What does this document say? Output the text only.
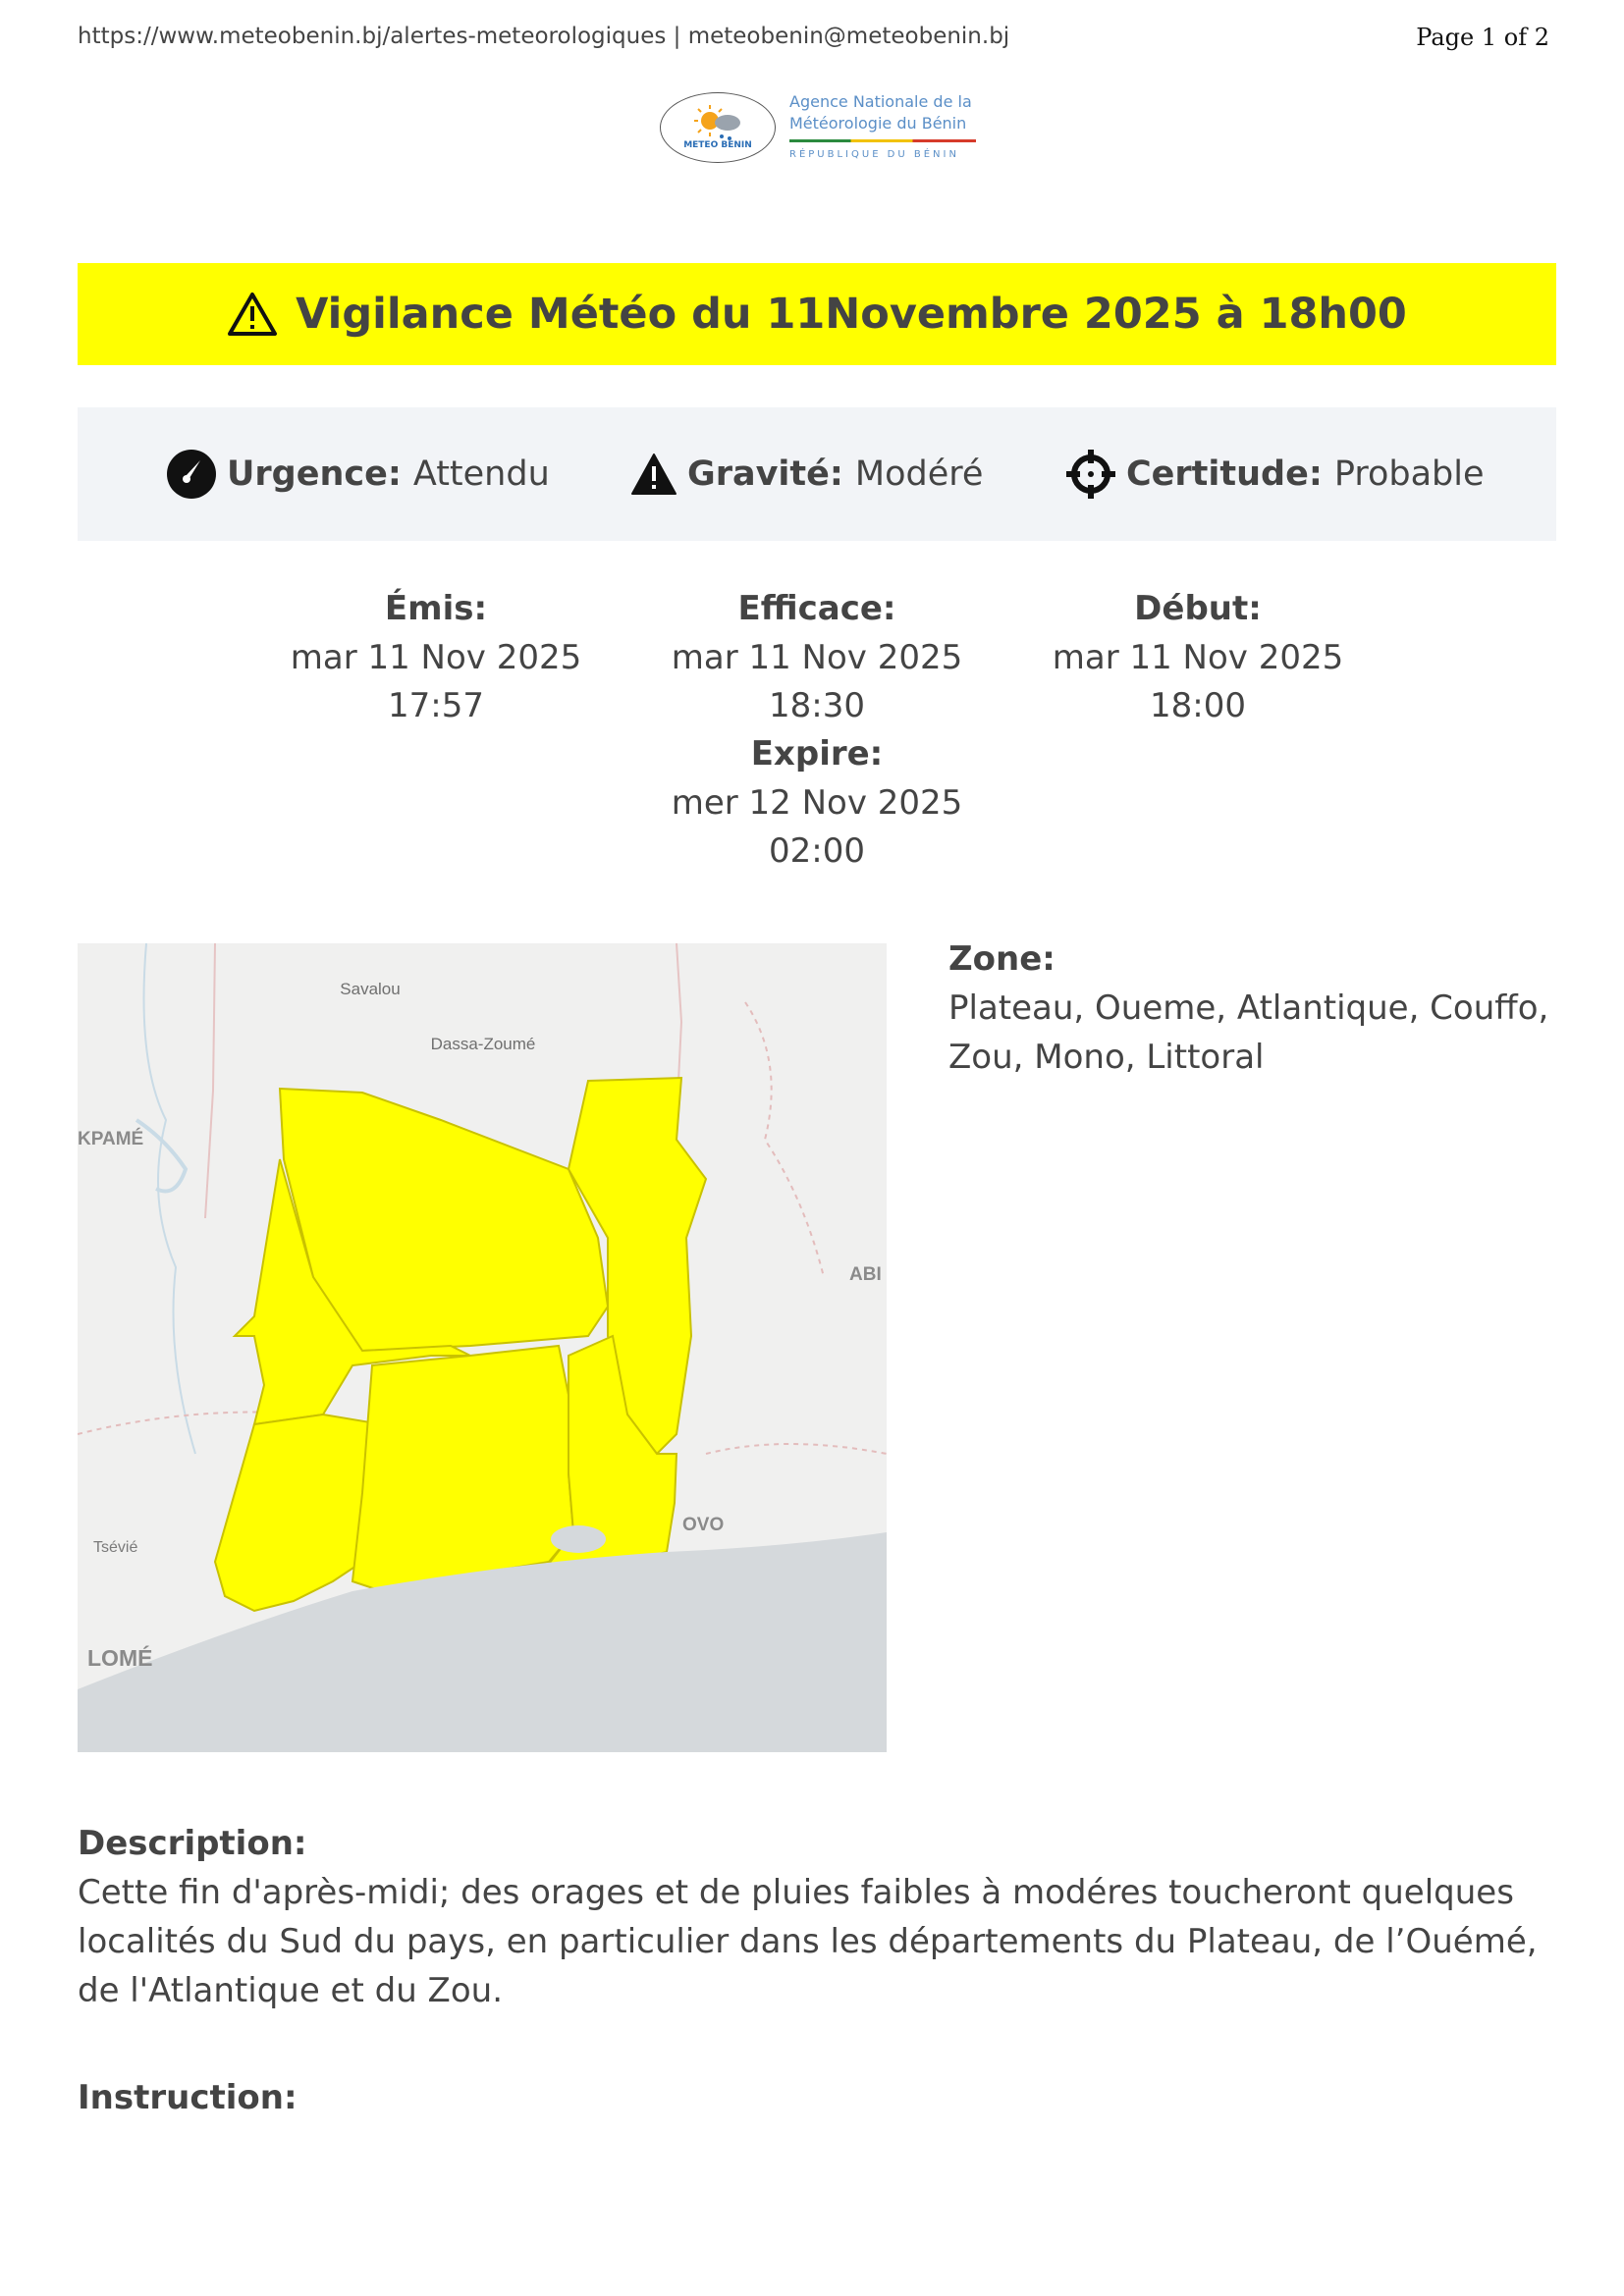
https://www.meteobenin.bj/alertes-meteorologiques | meteobenin@meteobenin.bj	Page 1 of 2
METEO BENIN
Agence Nationale de la
Météorologie du Bénin
RÉPUBLIQUE DU BÉNIN
Vigilance Météo du 11Novembre 2025 à 18h00
Urgence: Attendu	Gravité: Modéré	Certitude: Probable
Émis:
mar 11 Nov 2025
17:57
Efficace:
mar 11 Nov 2025
18:30
Expire:
mer 12 Nov 2025
02:00
Début:
mar 11 Nov 2025
18:00
Savalou
Dassa-Zoumé
KPAMÉ
ABI
Tsévié
OVO
LOMÉ
Zone:
Plateau, Oueme, Atlantique, Couffo, Zou, Mono, Littoral
Description:
Cette fin d'après-midi; des orages et de pluies faibles à modéres toucheront quelques localités du Sud du pays, en particulier dans les départements du Plateau, de l’Ouémé, de l'Atlantique et du Zou.
Instruction:
